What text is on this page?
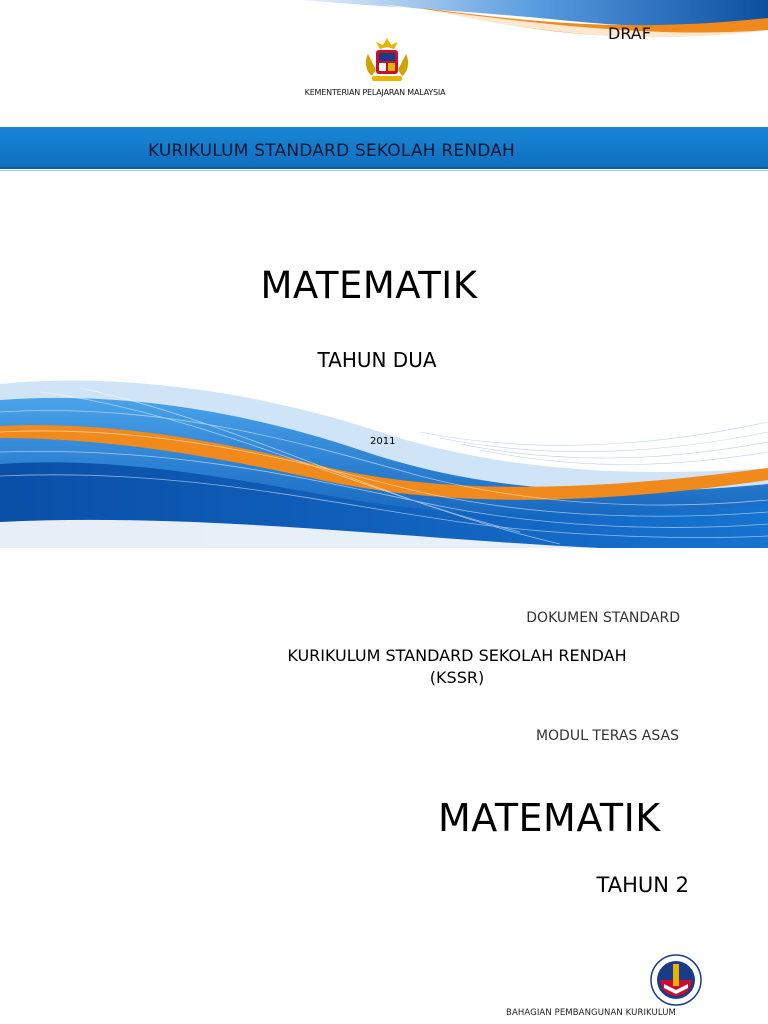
DRAF
KEMENTERIAN PELAJARAN MALAYSIA
KURIKULUM STANDARD SEKOLAH RENDAH
MATEMATIK
TAHUN DUA
2011
DOKUMEN STANDARD
KURIKULUM STANDARD SEKOLAH RENDAH
(KSSR)
MODUL TERAS ASAS
MATEMATIK
TAHUN 2
BAHAGIAN PEMBANGUNAN KURIKULUM
